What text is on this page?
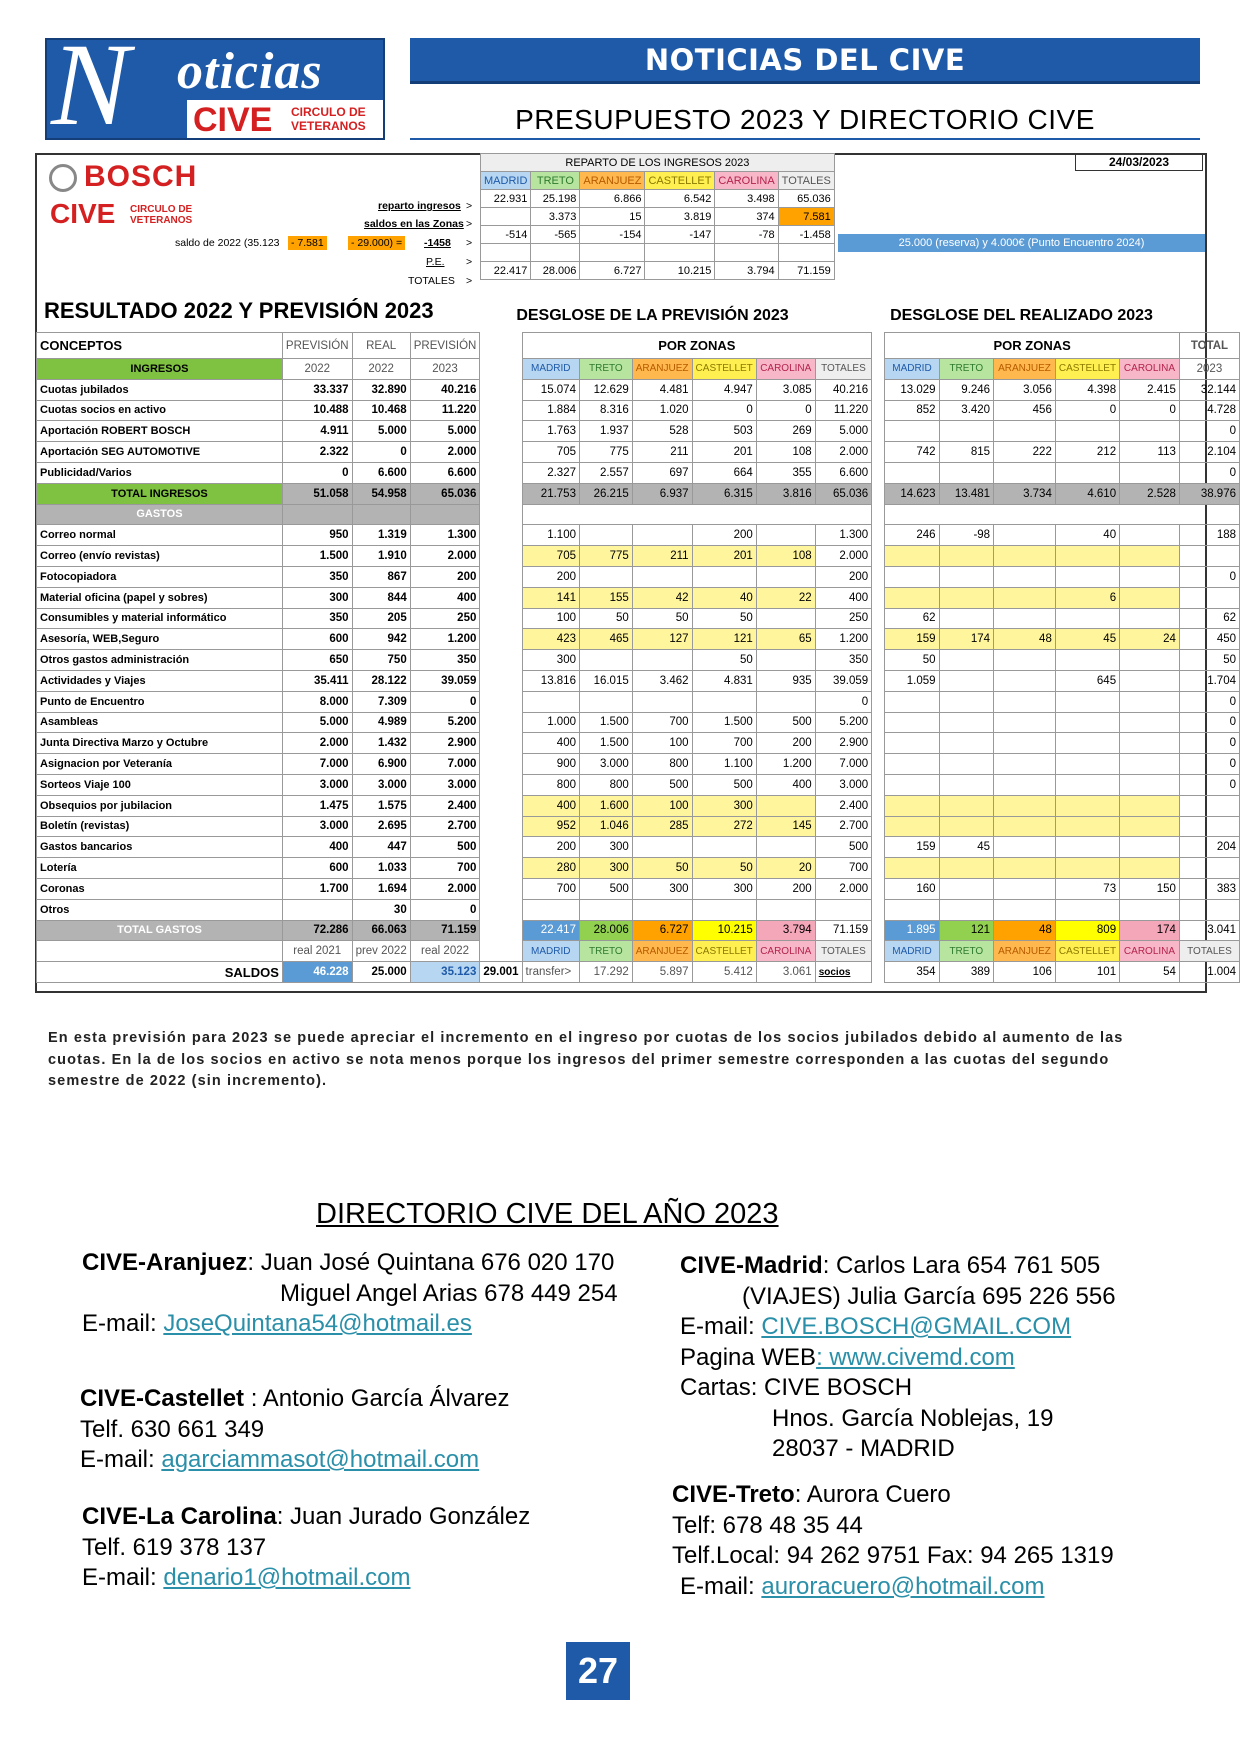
N oticias
CIVE CIRCULO DE
VETERANOS
NOTICIAS DEL CIVE
PRESUPUESTO 2023 Y DIRECTORIO CIVE
BOSCH
CIVE CIRCULO DE
VETERANOS
reparto ingresos
saldos en las Zonas
saldo de 2022 (35.123 - 7.581	- 29.000) = -1458
P.E.
TOTALES
>
>
>
>
>
24/03/2023
25.000 (reserva) y 4.000€ (Punto Encuentro 2024)
REPARTO DE LOS INGRESOS 2023					
MADRID	TRETO	ARANJUEZ	CASTELLET	CAROLINA	TOTALES
22.931	25.198	6.866	6.542	3.498	65.036
	3.373	15	3.819	374	7.581
-514	-565	-154	-147	-78	-1.458

22.417	28.006	6.727	10.215	3.794	71.159
RESULTADO 2022 Y PREVISIÓN 2023	DESGLOSE DE LA PREVISIÓN 2023	DESGLOSE DEL REALIZADO 2023
CONCEPTOS	PREVISIÓN	REAL	PREVISIÓN		POR ZONAS							POR ZONAS					TOTAL
INGRESOS	2022	2022	2023		MADRID	TRETO	ARANJUEZ	CASTELLET	CAROLINA	TOTALES		MADRID	TRETO	ARANJUEZ	CASTELLET	CAROLINA	2023
Cuotas jubilados	33.337	32.890	40.216		15.074	12.629	4.481	4.947	3.085	40.216		13.029	9.246	3.056	4.398	2.415	32.144
Cuotas socios en activo	10.488	10.468	11.220		1.884	8.316	1.020	0	0	11.220		852	3.420	456	0	0	4.728
Aportación ROBERT BOSCH	4.911	5.000	5.000		1.763	1.937	528	503	269	5.000							0
Aportación SEG AUTOMOTIVE	2.322	0	2.000		705	775	211	201	108	2.000		742	815	222	212	113	2.104
Publicidad/Varios	0	6.600	6.600		2.327	2.557	697	664	355	6.600							0
TOTAL INGRESOS	51.058	54.958	65.036		21.753	26.215	6.937	6.315	3.816	65.036		14.623	13.481	3.734	4.610	2.528	38.976
GASTOS																	
Correo normal	950	1.319	1.300		1.100			200		1.300		246	-98		40		188
Correo (envío revistas)	1.500	1.910	2.000		705	775	211	201	108	2.000							
Fotocopiadora	350	867	200		200					200							0
Material oficina (papel y sobres)	300	844	400		141	155	42	40	22	400					6		
Consumibles y material informático	350	205	250		100	50	50	50		250		62					62
Asesoría, WEB,Seguro	600	942	1.200		423	465	127	121	65	1.200		159	174	48	45	24	450
Otros gastos administración	650	750	350		300			50		350		50					50
Actividades y Viajes	35.411	28.122	39.059		13.816	16.015	3.462	4.831	935	39.059		1.059			645		1.704
Punto de Encuentro	8.000	7.309	0							0							0
Asambleas	5.000	4.989	5.200		1.000	1.500	700	1.500	500	5.200							0
Junta Directiva Marzo y Octubre	2.000	1.432	2.900		400	1.500	100	700	200	2.900							0
Asignacion por Veteranía	7.000	6.900	7.000		900	3.000	800	1.100	1.200	7.000							0
Sorteos Viaje 100	3.000	3.000	3.000		800	800	500	500	400	3.000							0
Obsequios por jubilacion	1.475	1.575	2.400		400	1.600	100	300		2.400							
Boletín (revistas)	3.000	2.695	2.700		952	1.046	285	272	145	2.700							
Gastos bancarios	400	447	500		200	300				500		159	45				204
Lotería	600	1.033	700		280	300	50	50	20	700							
Coronas	1.700	1.694	2.000		700	500	300	300	200	2.000		160			73	150	383
Otros		30	0														
TOTAL GASTOS	72.286	66.063	71.159		22.417	28.006	6.727	10.215	3.794	71.159		1.895	121	48	809	174	3.041
	real 2021	prev 2022	real 2022		MADRID	TRETO	ARANJUEZ	CASTELLET	CAROLINA	TOTALES		MADRID	TRETO	ARANJUEZ	CASTELLET	CAROLINA	TOTALES
SALDOS	46.228	25.000	35.123	29.001	transfer>	17.292	5.897	5.412	3.061	socios		354	389	106	101	54	1.004
En esta previsión para 2023 se puede apreciar el incremento en el ingreso por cuotas de los socios jubilados debido al aumento de las cuotas. En la de los socios en activo se nota menos porque los ingresos del primer semestre corresponden a las cuotas del segundo semestre de 2022 (sin incremento).
DIRECTORIO CIVE DEL AÑO 2023
CIVE-Aranjuez: Juan José Quintana 676 020 170
Miguel Angel Arias 678 449 254
E-mail: JoseQuintana54@hotmail.es
CIVE-Castellet : Antonio García Álvarez
Telf. 630 661 349
E-mail: agarciammasot@hotmail.com
CIVE-La Carolina: Juan Jurado González
Telf. 619 378 137
E-mail: denario1@hotmail.com
CIVE-Madrid: Carlos Lara 654 761 505
(VIAJES) Julia García 695 226 556
E-mail: CIVE.BOSCH@GMAIL.COM
Pagina WEB: www.civemd.com
Cartas: CIVE BOSCH
Hnos. García Noblejas, 19
28037 - MADRID
CIVE-Treto: Aurora Cuero
Telf: 678 48 35 44
Telf.Local: 94 262 9751 Fax: 94 265 1319
E-mail: auroracuero@hotmail.com
27
